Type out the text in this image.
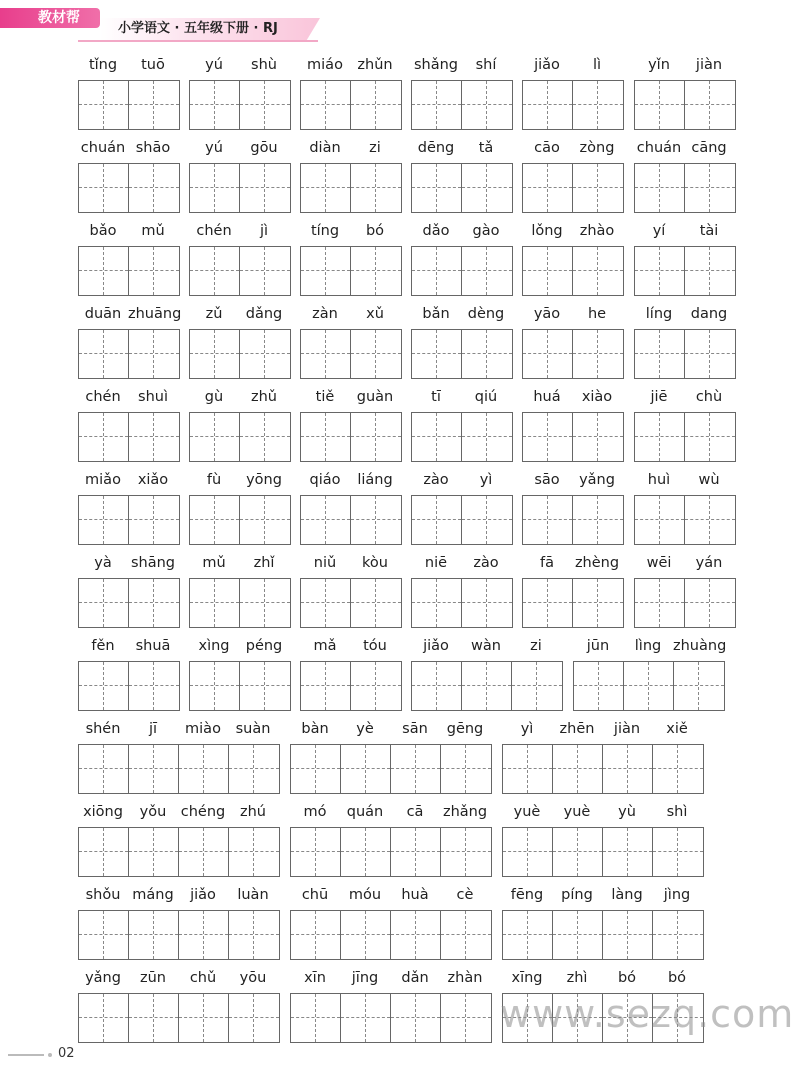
教材帮
小学语文 · 五年级下册 · RJ
tǐng	tuō	yú	shù	miáo zhǔn	shǎng	shí	jiǎo	lì	yǐn	jiàn
chuán shāo	yú	gōu	diàn	zi	dēng	tǎ	cāo	zòng	chuán cāng
bǎo	mǔ	chén	jì	tíng	bó	dǎo	gào	lǒng	zhào	yí	tài
duān zhuāng	zǔ	dǎng	zàn	xǔ	bǎn	dèng	yāo	he	líng	dang
chén	shuì	gù	zhǔ	tiě	guàn	tī	qiú	huá	xiào	jiē	chù
miǎo	xiǎo	fù	yōng	qiáo	liáng	zào	yì	sāo	yǎng	huì	wù
yà	shāng	mǔ	zhǐ	niǔ	kòu	niē	zào	fā	zhèng	wēi	yán
fěn	shuā	xìng	péng	mǎ	tóu	jiǎo	wàn	zi	jūn	lìng zhuàng
shén	jī	miào	suàn	bàn	yè	sān	gēng	yì	zhēn	jiàn	xiě
xiōng	yǒu chéng	zhú	mó	quán	cā	zhǎng	yuè	yuè	yù	shì
shǒu máng	jiǎo	luàn	chū	móu	huà	cè	fēng	píng	làng	jìng
yǎng	zūn	chǔ	yōu	xīn	jīng	dǎn	zhàn	xīng	zhì	bó	bó
02
www.sezq.com
